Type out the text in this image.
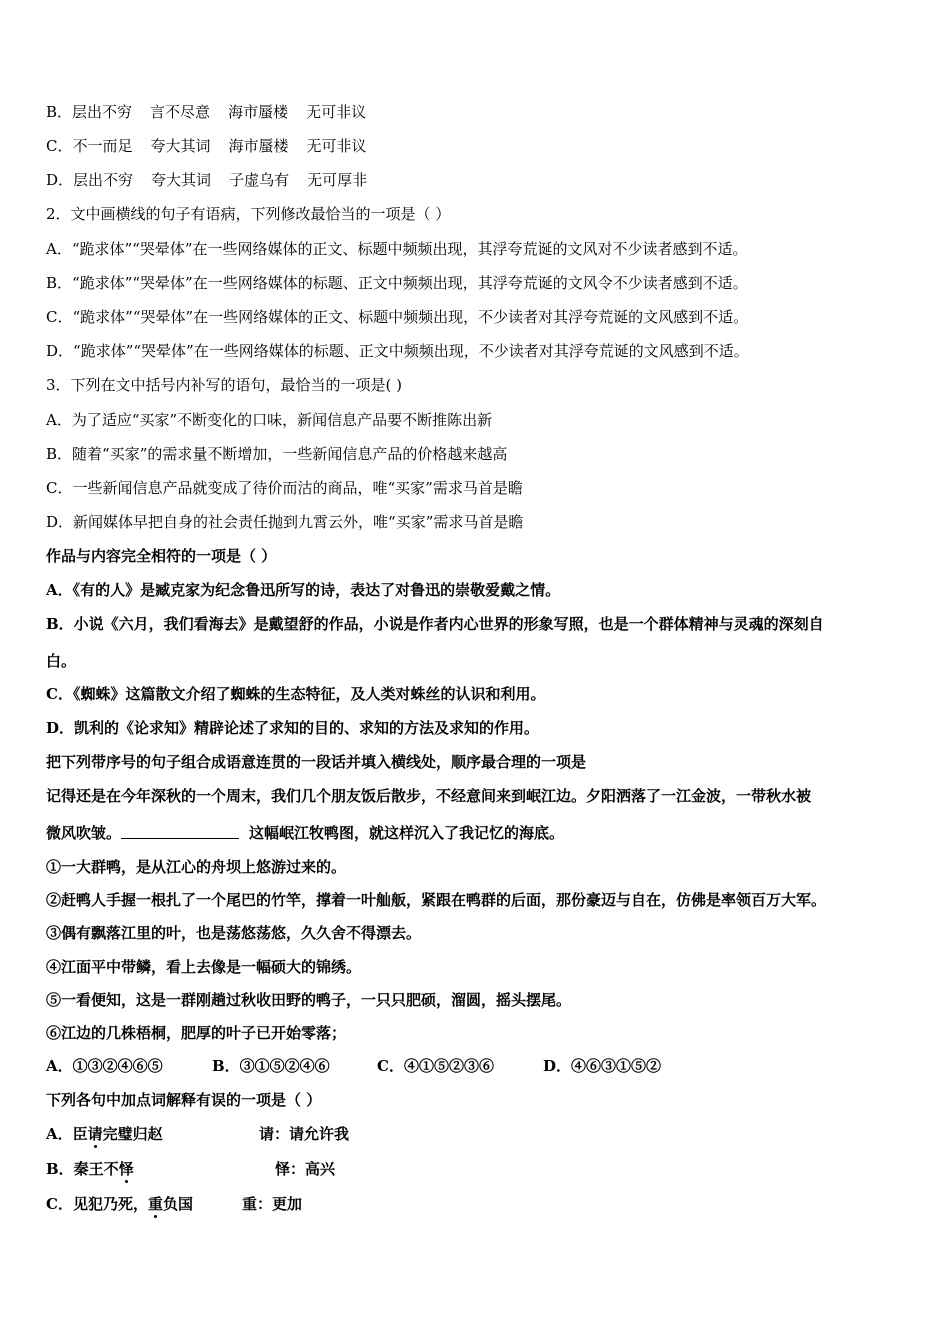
B．层出不穷 言不尽意 海市蜃楼 无可非议
C．不一而足 夸大其词 海市蜃楼 无可非议
D．层出不穷 夸大其词 子虚乌有 无可厚非
2．文中画横线的句子有语病，下列修改最恰当的一项是（ ）
A．“跪求体”“哭晕体”在一些网络媒体的正文、标题中频频出现，其浮夸荒诞的文风对不少读者感到不适。
B．“跪求体”“哭晕体”在一些网络媒体的标题、正文中频频出现，其浮夸荒诞的文风令不少读者感到不适。
C．“跪求体”“哭晕体”在一些网络媒体的正文、标题中频频出现，不少读者对其浮夸荒诞的文风感到不适。
D．“跪求体”“哭晕体”在一些网络媒体的标题、正文中频频出现，不少读者对其浮夸荒诞的文风感到不适。
3．下列在文中括号内补写的语句，最恰当的一项是( )
A．为了适应“买家”不断变化的口味，新闻信息产品要不断推陈出新
B．随着“买家”的需求量不断增加，一些新闻信息产品的价格越来越高
C．一些新闻信息产品就变成了待价而沽的商品，唯“买家”需求马首是瞻
D．新闻媒体早把自身的社会责任抛到九霄云外，唯“买家”需求马首是瞻
作品与内容完全相符的一项是（ ）
A．《有的人》是臧克家为纪念鲁迅所写的诗，表达了对鲁迅的崇敬爱戴之情。
B．小说《六月，我们看海去》是戴望舒的作品，小说是作者内心世界的形象写照，也是一个群体精神与灵魂的深刻自
白。
C．《蜘蛛》这篇散文介绍了蜘蛛的生态特征，及人类对蛛丝的认识和利用。
D．凯利的《论求知》精辟论述了求知的目的、求知的方法及求知的作用。
把下列带序号的句子组合成语意连贯的一段话并填入横线处，顺序最合理的一项是
记得还是在今年深秋的一个周末，我们几个朋友饭后散步，不经意间来到岷江边。夕阳洒落了一江金波，一带秋水被
微风吹皱。	这幅岷江牧鸭图，就这样沉入了我记忆的海底。
①一大群鸭，是从江心的舟坝上悠游过来的。
②赶鸭人手握一根扎了一个尾巴的竹竿，撑着一叶舢舨，紧跟在鸭群的后面，那份豪迈与自在，仿佛是率领百万大军。
③偶有飘落江里的叶，也是荡悠荡悠，久久舍不得漂去。
④江面平中带鳞，看上去像是一幅硕大的锦绣。
⑤一看便知，这是一群刚趟过秋收田野的鸭子，一只只肥硕，溜圆，摇头摆尾。
⑥江边的几株梧桐，肥厚的叶子已开始零落；
A．①③②④⑥⑤	B．③①⑤②④⑥	C．④①⑤②③⑥	D．④⑥③①⑤②
下列各句中加点词解释有误的一项是（ ）
A．臣请完璧归赵	请：请允许我
B．秦王不怿	怿：高兴
C．见犯乃死，重负国	重：更加
